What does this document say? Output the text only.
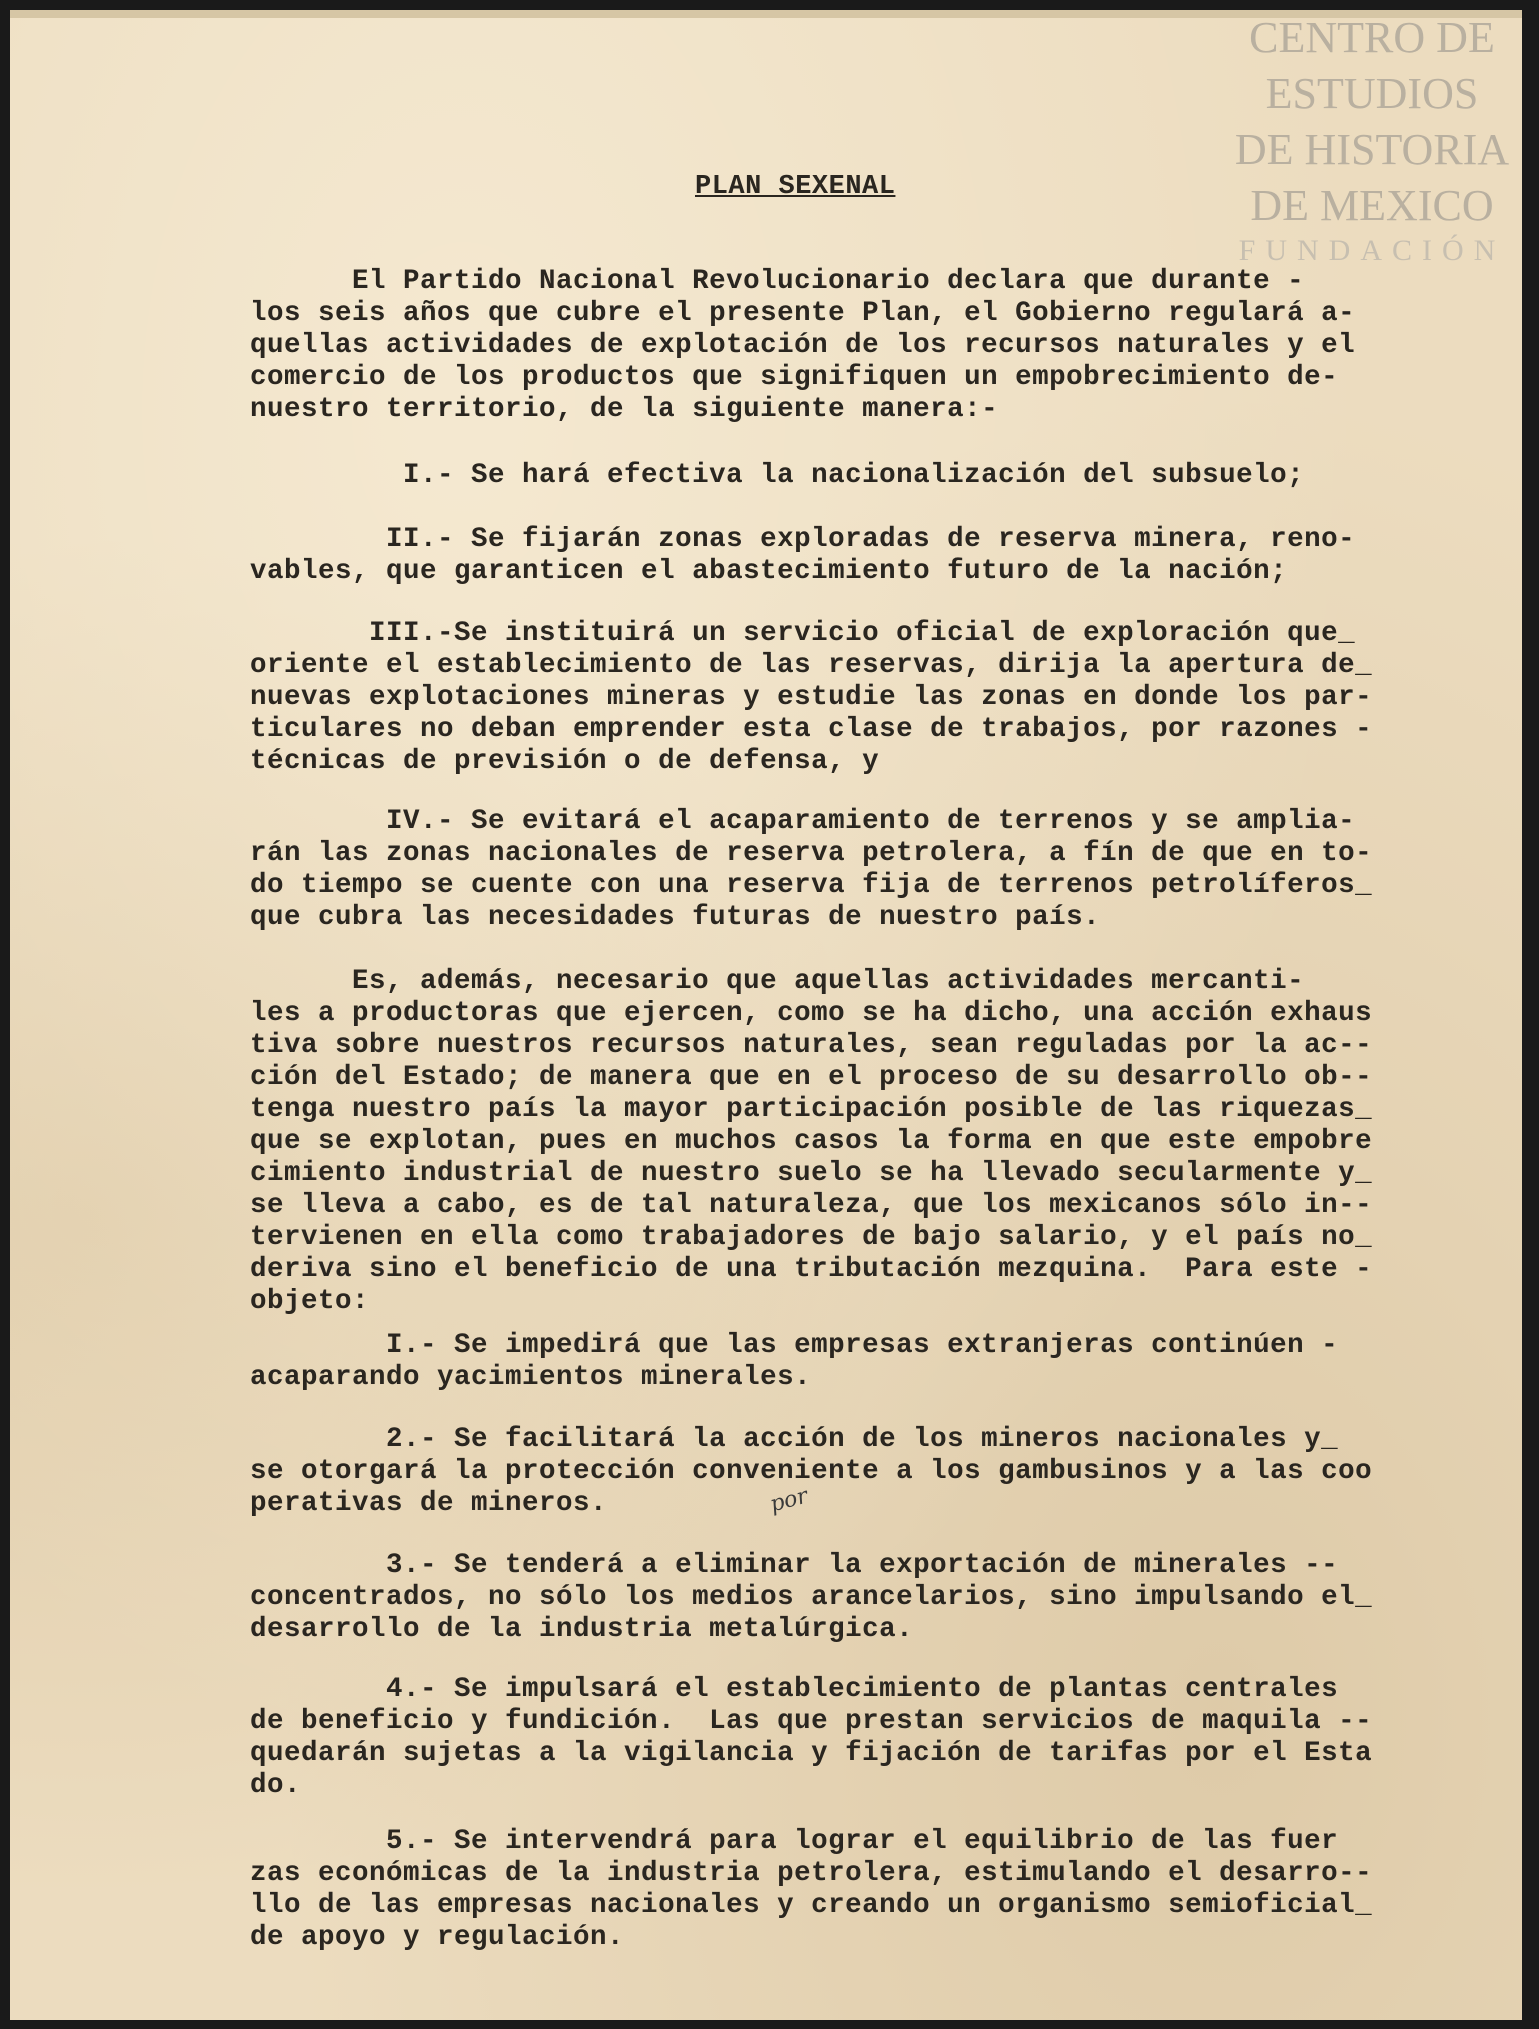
CENTRO DE
ESTUDIOS
DE HISTORIA
DE MEXICO
FUNDACIÓN
PLAN SEXENAL
El Partido Nacional Revolucionario declara que durante -
los seis años que cubre el presente Plan, el Gobierno regulará a-
quellas actividades de explotación de los recursos naturales y el
comercio de los productos que signifiquen un empobrecimiento de-
nuestro territorio, de la siguiente manera:-
I.- Se hará efectiva la nacionalización del subsuelo;
II.- Se fijarán zonas exploradas de reserva minera, reno-
vables, que garanticen el abastecimiento futuro de la nación;
III.-Se instituirá un servicio oficial de exploración que_
oriente el establecimiento de las reservas, dirija la apertura de_
nuevas explotaciones mineras y estudie las zonas en donde los par-
ticulares no deban emprender esta clase de trabajos, por razones -
técnicas de previsión o de defensa, y
IV.- Se evitará el acaparamiento de terrenos y se amplia-
rán las zonas nacionales de reserva petrolera, a fín de que en to-
do tiempo se cuente con una reserva fija de terrenos petrolíferos_
que cubra las necesidades futuras de nuestro país.
Es, además, necesario que aquellas actividades mercanti-
les a productoras que ejercen, como se ha dicho, una acción exhaus
tiva sobre nuestros recursos naturales, sean reguladas por la ac--
ción del Estado; de manera que en el proceso de su desarrollo ob--
tenga nuestro país la mayor participación posible de las riquezas_
que se explotan, pues en muchos casos la forma en que este empobre
cimiento industrial de nuestro suelo se ha llevado secularmente y_
se lleva a cabo, es de tal naturaleza, que los mexicanos sólo in--
tervienen en ella como trabajadores de bajo salario, y el país no_
deriva sino el beneficio de una tributación mezquina.  Para este -
objeto:
I.- Se impedirá que las empresas extranjeras continúen -
acaparando yacimientos minerales.
2.- Se facilitará la acción de los mineros nacionales y_
se otorgará la protección conveniente a los gambusinos y a las coo
perativas de mineros.
3.- Se tenderá a eliminar la exportación de minerales --
concentrados, no sólo los medios arancelarios, sino impulsando el_
desarrollo de la industria metalúrgica.
4.- Se impulsará el establecimiento de plantas centrales
de beneficio y fundición.  Las que prestan servicios de maquila --
quedarán sujetas a la vigilancia y fijación de tarifas por el Esta
do.
5.- Se intervendrá para lograr el equilibrio de las fuer
zas económicas de la industria petrolera, estimulando el desarro--
llo de las empresas nacionales y creando un organismo semioficial_
de apoyo y regulación.
por
